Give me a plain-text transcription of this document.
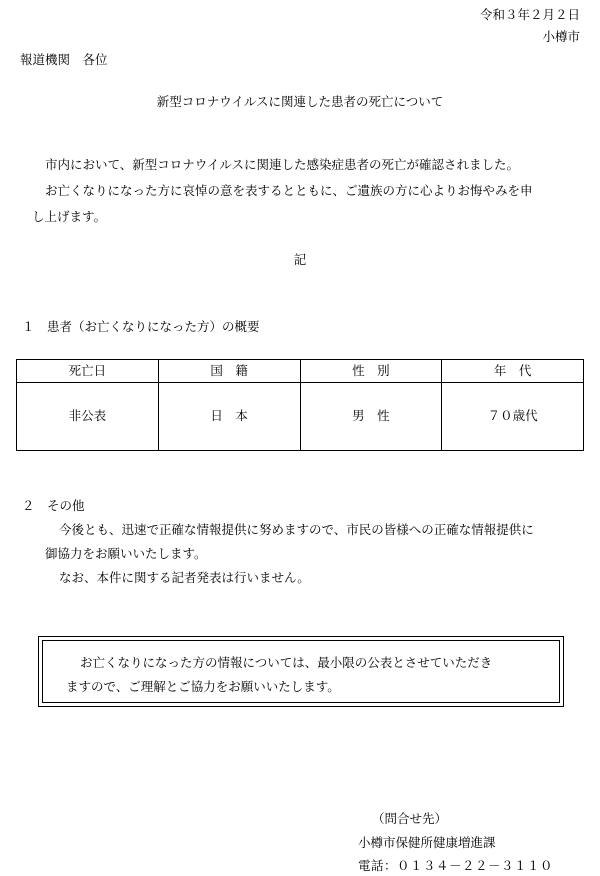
令和３年２月２日
小樽市
報道機関　各位
新型コロナウイルスに関連した患者の死亡について
市内において、新型コロナウイルスに関連した感染症患者の死亡が確認されました。
お亡くなりになった方に哀悼の意を表するとともに、ご遺族の方に心よりお悔やみを申
し上げます。
記
１　患者（お亡くなりになった方）の概要
死亡日	国　籍	性　別	年　代
非公表	日　本	男　性	７０歳代
２　その他
今後とも、迅速で正確な情報提供に努めますので、市民の皆様への正確な情報提供に
御協力をお願いいたします。
なお、本件に関する記者発表は行いません。
お亡くなりになった方の情報については、最小限の公表とさせていただき
ますので、ご理解とご協力をお願いいたします。
（問合せ先）
小樽市保健所健康増進課
電話：０１３４－２２－３１１０
